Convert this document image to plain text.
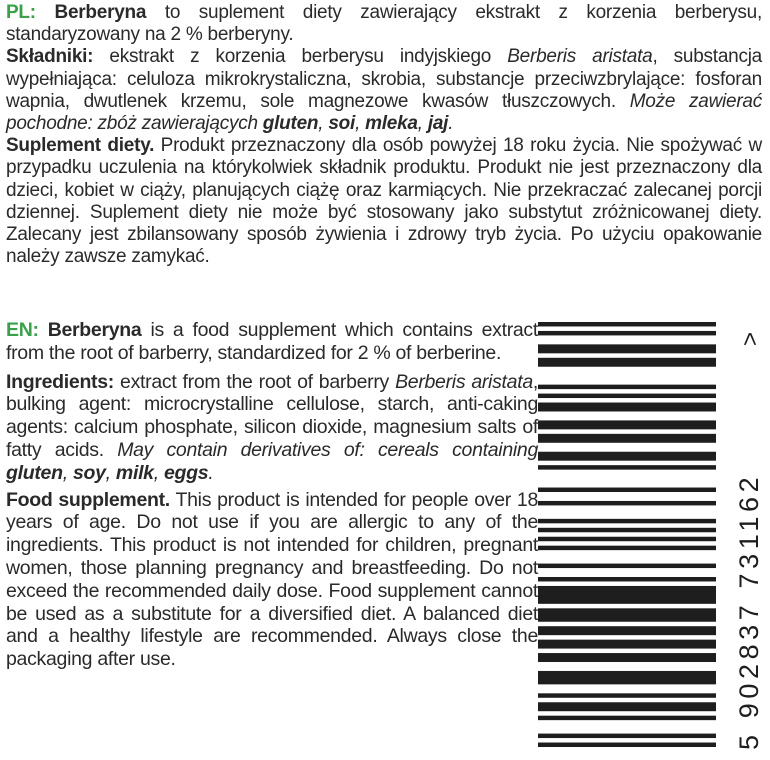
PL: Berberyna to suplement diety zawierający ekstrakt z korzenia berberysu, standaryzowany na 2 % berberyny.

Składniki: ekstrakt z korzenia berberysu indyjskiego Berberis aristata, substancja wypełniająca: celuloza mikrokrystaliczna, skrobia, substancje przeciwzbrylające: fosforan wapnia, dwutlenek krzemu, sole magnezowe kwasów tłuszczowych. Może zawierać pochodne: zbóż zawierających gluten, soi, mleka, jaj.

Suplement diety. Produkt przeznaczony dla osób powyżej 18 roku życia. Nie spożywać w przypadku uczulenia na którykolwiek składnik produktu. Produkt nie jest przeznaczony dla dzieci, kobiet w ciąży, planujących ciążę oraz karmiących. Nie przekraczać zalecanej porcji dziennej. Suplement diety nie może być stosowany jako substytut zróżnicowanej diety. Zalecany jest zbilansowany sposób żywienia i zdrowy tryb życia. Po użyciu opakowanie należy zawsze zamykać.

EN: Berberyna is a food supplement which contains extract from the root of barberry, standardized for 2 % of berberine.

Ingredients: extract from the root of barberry Berberis aristata, bulking agent: microcrystalline cellulose, starch, anti-caking agents: calcium phosphate, silicon dioxide, magnesium salts of fatty acids. May contain derivatives of: cereals containing gluten, soy, milk, eggs.

Food supplement. This product is intended for people over 18 years of age. Do not use if you are allergic to any of the ingredients. This product is not intended for children, pregnant women, those planning pregnancy and breastfeeding. Do not exceed the recommended daily dose. Food supplement cannot be used as a substitute for a diversified diet. A balanced diet and a healthy lifestyle are recommended. Always close the packaging after use.	5 902837 731162
>
